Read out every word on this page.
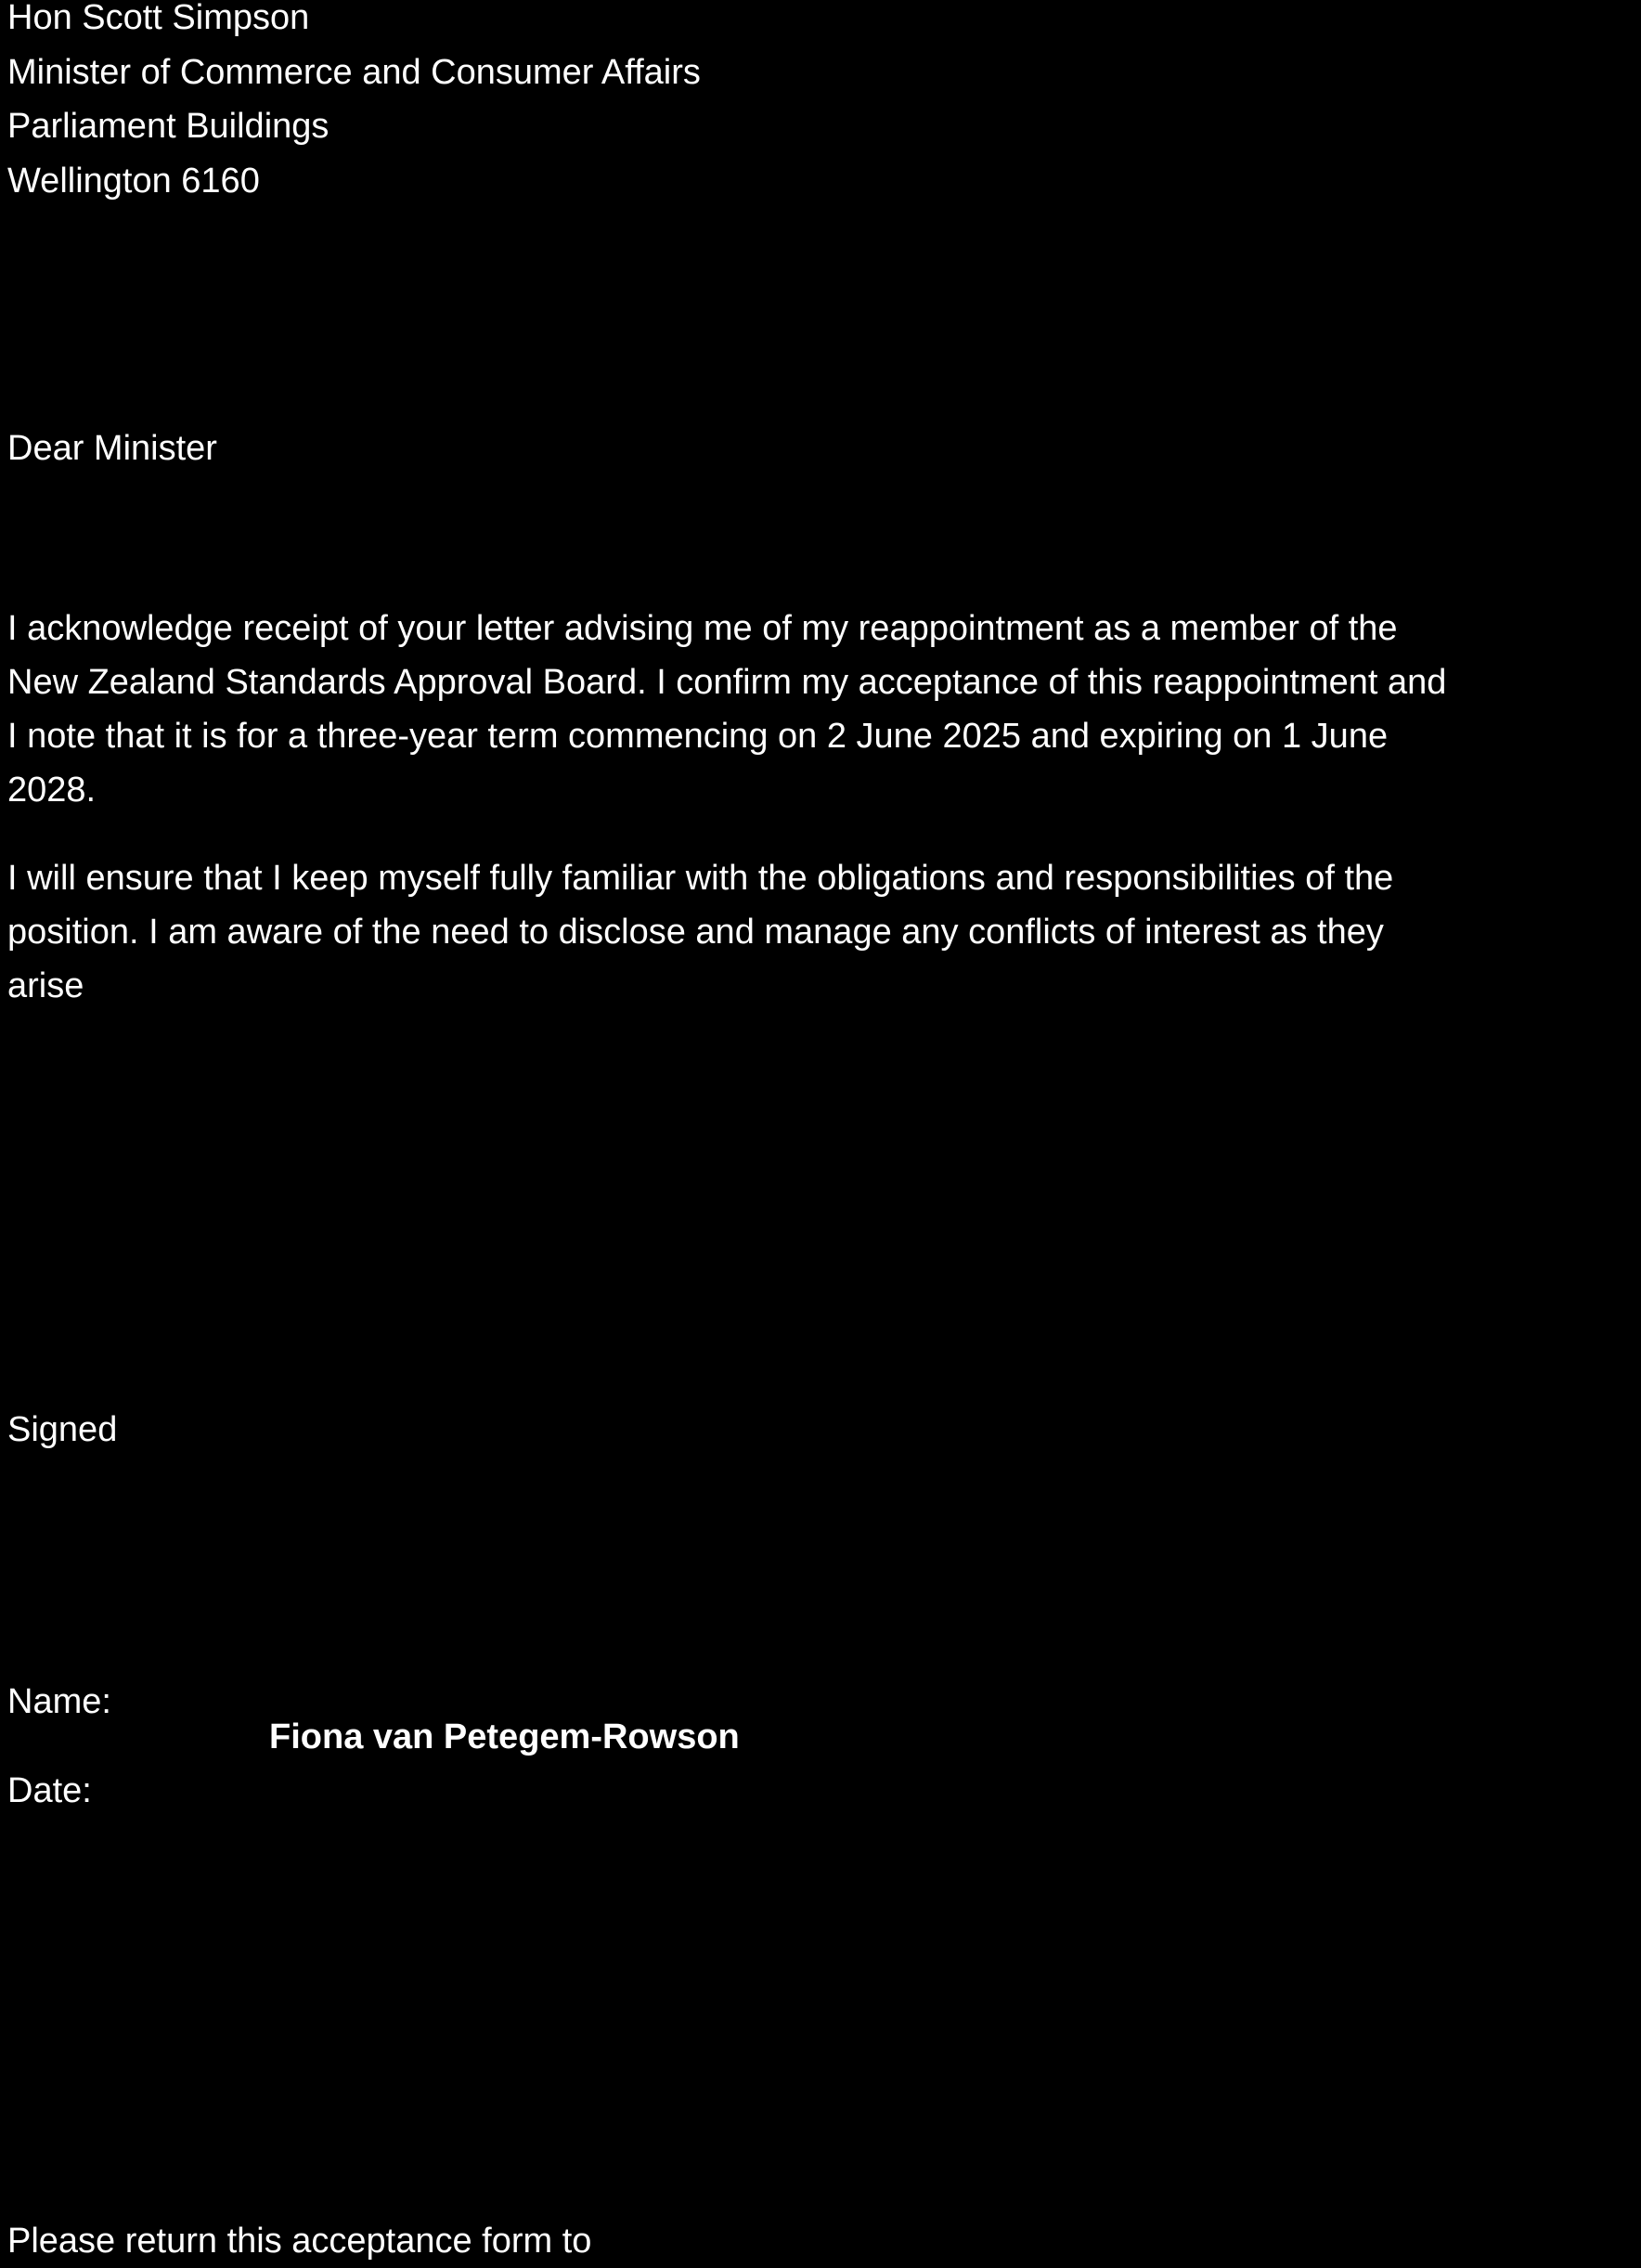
Hon Scott Simpson
Minister of Commerce and Consumer Affairs
Parliament Buildings
Wellington 6160

Dear Minister

I acknowledge receipt of your letter advising me of my reappointment as a member of the
New Zealand Standards Approval Board. I confirm my acceptance of this reappointment and
I note that it is for a three-year term commencing on 2 June 2025 and expiring on 1 June
2028.
I will ensure that I keep myself fully familiar with the obligations and responsibilities of the
position. I am aware of the need to disclose and manage any conflicts of interest as they
arise

Signed

Name:

Fiona van Petegem-Rowson

Date:

Please return this acceptance form to
